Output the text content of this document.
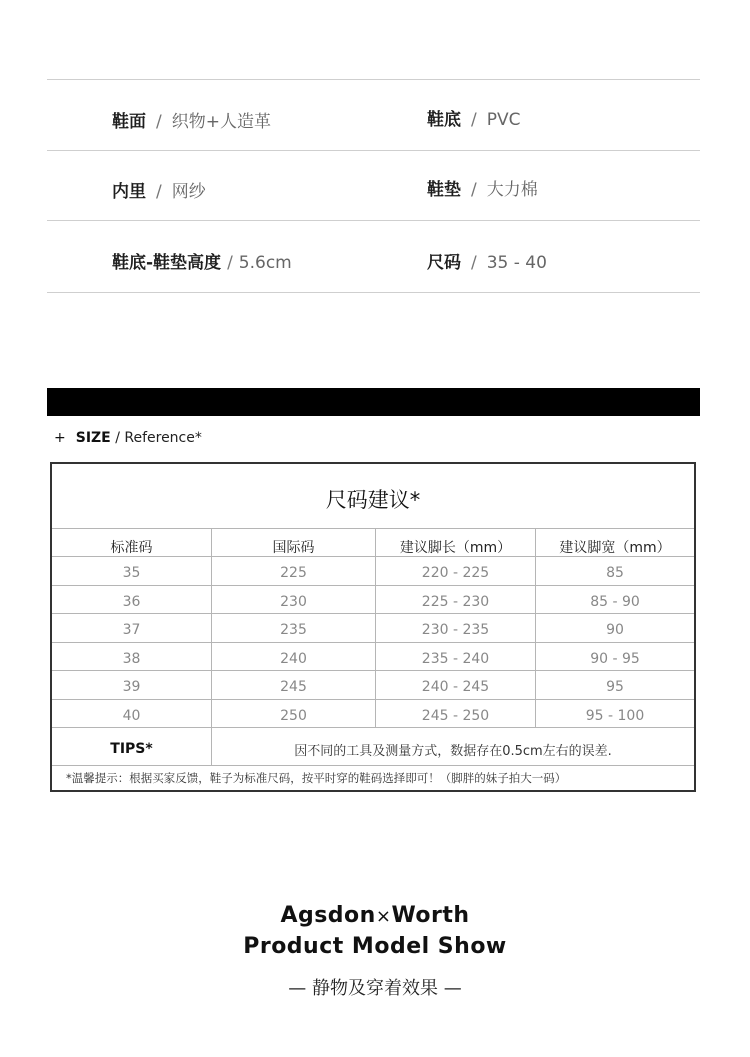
鞋面 / 织物+人造革	鞋底 / PVC
内里 / 网纱	鞋垫 / 大力棉
鞋底-鞋垫高度 / 5.6cm	尺码 / 35 - 40
+ SIZE / Reference*
尺码建议*
标准码	国际码	建议脚长（mm）	建议脚宽（mm）
35	225	220 - 225	85
36	230	225 - 230	85 - 90
37	235	230 - 235	90
38	240	235 - 240	90 - 95
39	245	240 - 245	95
40	250	245 - 250	95 - 100
TIPS*	因不同的工具及测量方式，数据存在0.5cm左右的误差.
*温馨提示：根据买家反馈，鞋子为标准尺码，按平时穿的鞋码选择即可！（脚胖的妹子拍大一码）
Agsdon×Worth
Product Model Show
— 静物及穿着效果 —
